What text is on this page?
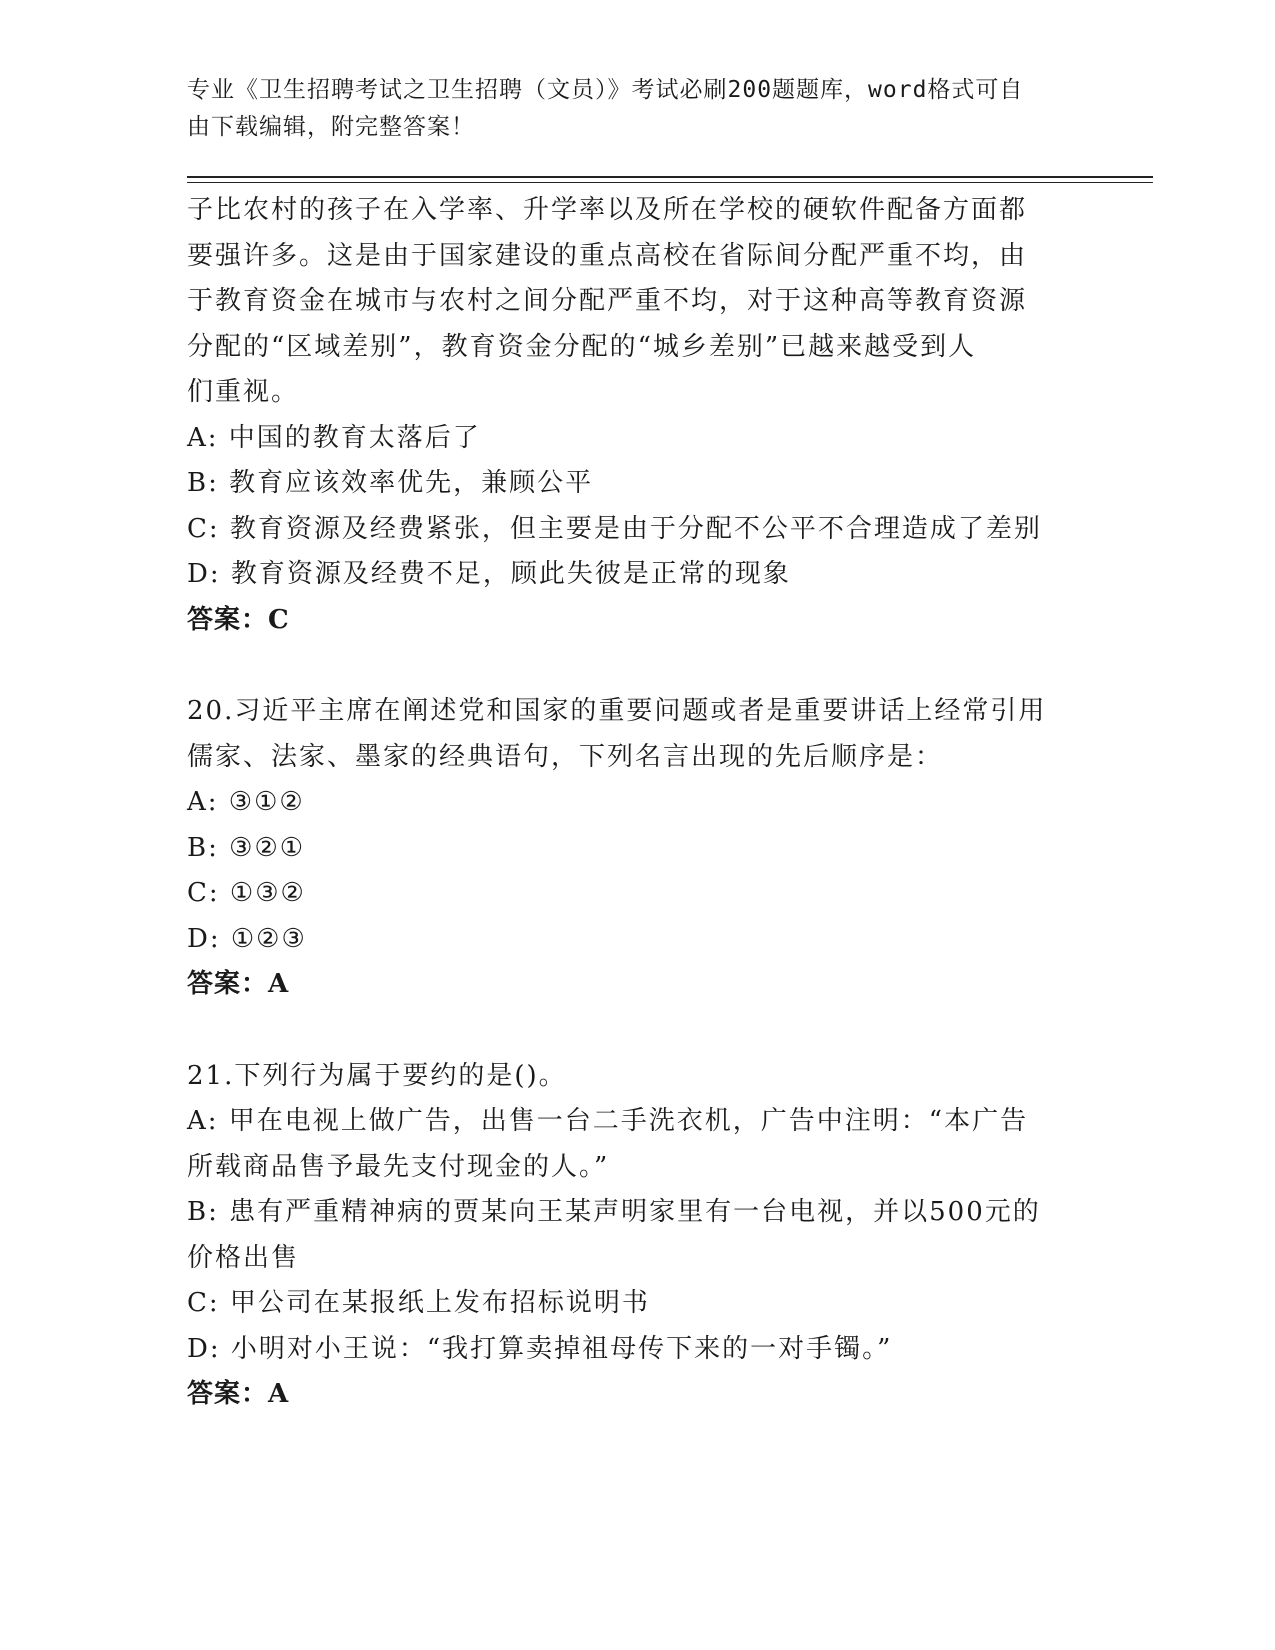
专业《卫生招聘考试之卫生招聘（文员）》考试必刷200题题库，word格式可自
由下载编辑，附完整答案！
子比农村的孩子在入学率、升学率以及所在学校的硬软件配备方面都
要强许多。这是由于国家建设的重点高校在省际间分配严重不均，由
于教育资金在城市与农村之间分配严重不均，对于这种高等教育资源
分配的“区域差别”，教育资金分配的“城乡差别”已越来越受到人
们重视。
A: 中国的教育太落后了
B: 教育应该效率优先，兼顾公平
C: 教育资源及经费紧张，但主要是由于分配不公平不合理造成了差别
D: 教育资源及经费不足，顾此失彼是正常的现象
答案：C
20.习近平主席在阐述党和国家的重要问题或者是重要讲话上经常引用
儒家、法家、墨家的经典语句，下列名言出现的先后顺序是：
A: ③①②
B: ③②①
C: ①③②
D: ①②③
答案：A
21.下列行为属于要约的是()。
A: 甲在电视上做广告，出售一台二手洗衣机，广告中注明：“本广告
所载商品售予最先支付现金的人。”
B: 患有严重精神病的贾某向王某声明家里有一台电视，并以500元的
价格出售
C: 甲公司在某报纸上发布招标说明书
D: 小明对小王说：“我打算卖掉祖母传下来的一对手镯。”
答案：A
